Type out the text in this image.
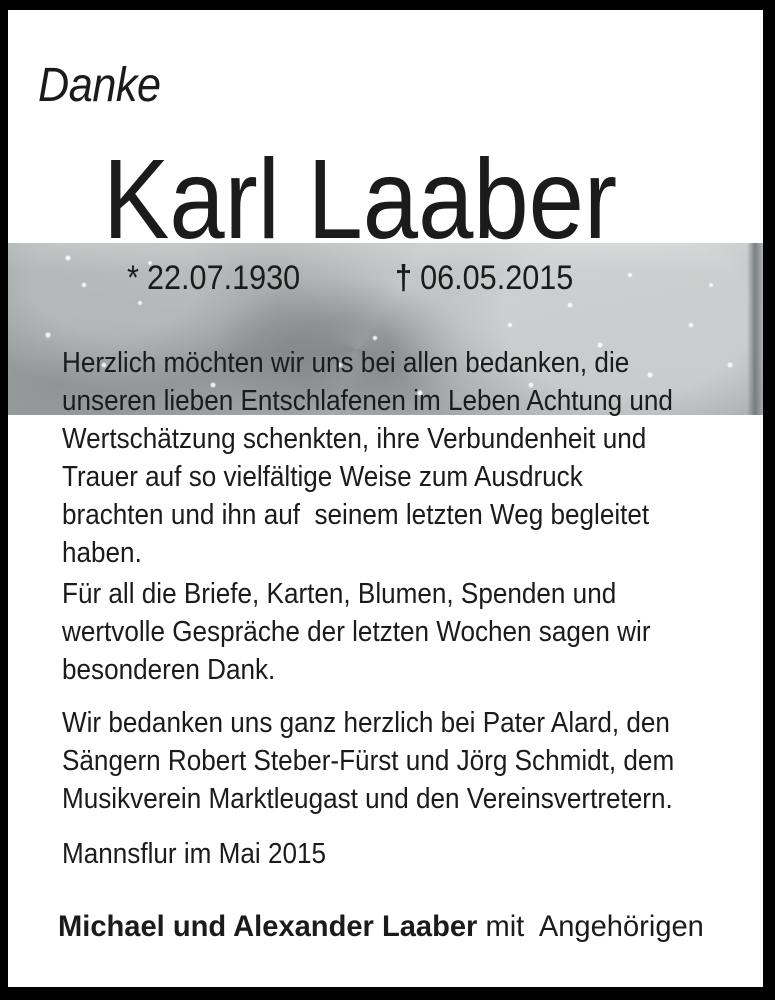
Danke
Karl Laaber
* 22.07.1930	† 06.05.2015
Herzlich möchten wir uns bei allen bedanken, die
unseren lieben Entschlafenen im Leben Achtung und
Wertschätzung schenkten, ihre Verbundenheit und
Trauer auf so vielfältige Weise zum Ausdruck
brachten und ihn auf  seinem letzten Weg begleitet
haben.
Für all die Briefe, Karten, Blumen, Spenden und
wertvolle Gespräche der letzten Wochen sagen wir
besonderen Dank.
Wir bedanken uns ganz herzlich bei Pater Alard, den
Sängern Robert Steber-Fürst und Jörg Schmidt, dem
Musikverein Marktleugast und den Vereinsvertretern.
Mannsflur im Mai 2015
Michael und Alexander Laaber mit  Angehörigen
